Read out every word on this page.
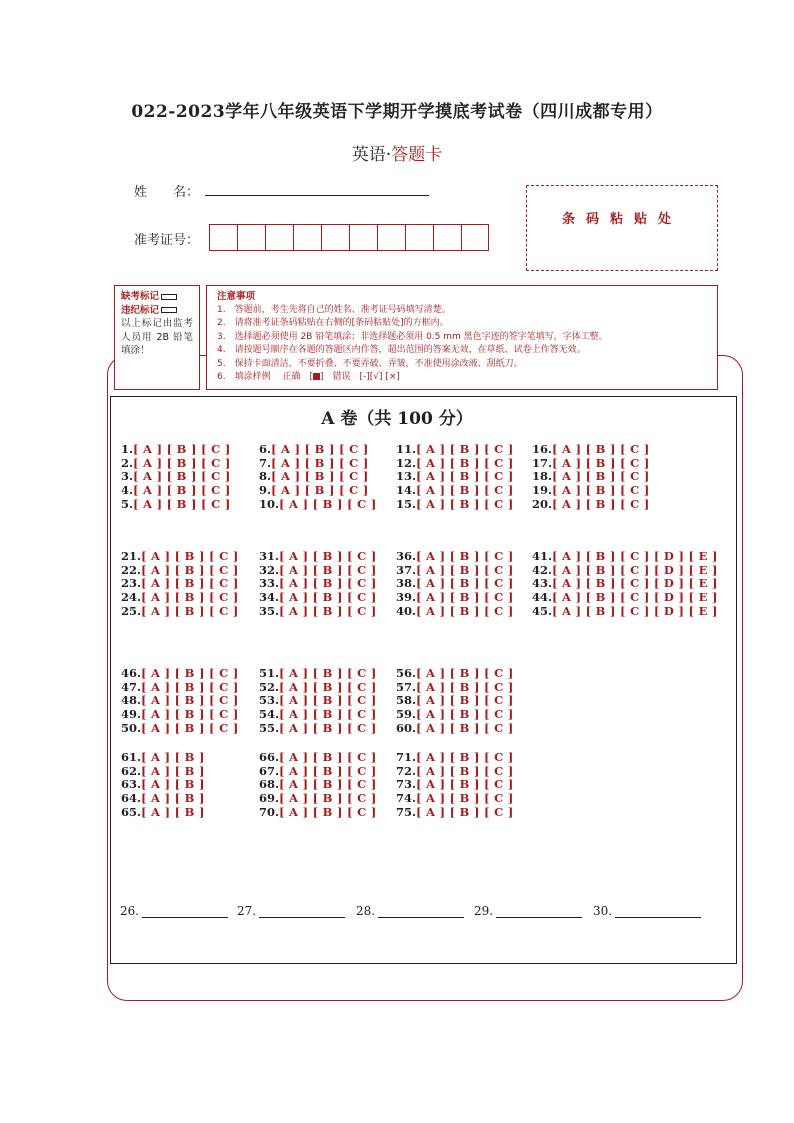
022-2023学年八年级英语下学期开学摸底考试卷（四川成都专用）
英语·答题卡
姓　　名：
准考证号：
条码粘贴处
缺考标记
违纪标记
以上标记由监考人员用 2B 铅笔填涂！
注意事项
1.　答题前，考生先将自己的姓名、准考证号码填写清楚。
2.　请将准考证条码粘贴在右侧的[条码粘贴处]的方框内。
3.　选择题必须使用 2B 铅笔填涂；非选择题必须用 0.5 mm 黑色字迹的签字笔填写，字体工整。
4.　请按题号顺序在各题的答题区内作答，超出范围的答案无效，在草纸、试卷上作答无效。
5.　保持卡面清洁，不要折叠、不要弄破、弄皱，不准使用涂改液、刮纸刀。
6.　填涂样例　 正确　[ ]　错误　[-][√] [×]
A 卷（共 100 分）
1.[ A ] [ B ] [ C ]
2.[ A ] [ B ] [ C ]
3.[ A ] [ B ] [ C ]
4.[ A ] [ B ] [ C ]
5.[ A ] [ B ] [ C ]
6.[ A ] [ B ] [ C ]
7.[ A ] [ B ] [ C ]
8.[ A ] [ B ] [ C ]
9.[ A ] [ B ] [ C ]
10.[ A ] [ B ] [ C ]
11.[ A ] [ B ] [ C ]
12.[ A ] [ B ] [ C ]
13.[ A ] [ B ] [ C ]
14.[ A ] [ B ] [ C ]
15.[ A ] [ B ] [ C ]
16.[ A ] [ B ] [ C ]
17.[ A ] [ B ] [ C ]
18.[ A ] [ B ] [ C ]
19.[ A ] [ B ] [ C ]
20.[ A ] [ B ] [ C ]
21.[ A ] [ B ] [ C ]
22.[ A ] [ B ] [ C ]
23.[ A ] [ B ] [ C ]
24.[ A ] [ B ] [ C ]
25.[ A ] [ B ] [ C ]
31.[ A ] [ B ] [ C ]
32.[ A ] [ B ] [ C ]
33.[ A ] [ B ] [ C ]
34.[ A ] [ B ] [ C ]
35.[ A ] [ B ] [ C ]
36.[ A ] [ B ] [ C ]
37.[ A ] [ B ] [ C ]
38.[ A ] [ B ] [ C ]
39.[ A ] [ B ] [ C ]
40.[ A ] [ B ] [ C ]
41.[ A ] [ B ] [ C ] [ D ] [ E ]
42.[ A ] [ B ] [ C ] [ D ] [ E ]
43.[ A ] [ B ] [ C ] [ D ] [ E ]
44.[ A ] [ B ] [ C ] [ D ] [ E ]
45.[ A ] [ B ] [ C ] [ D ] [ E ]
46.[ A ] [ B ] [ C ]
47.[ A ] [ B ] [ C ]
48.[ A ] [ B ] [ C ]
49.[ A ] [ B ] [ C ]
50.[ A ] [ B ] [ C ]
51.[ A ] [ B ] [ C ]
52.[ A ] [ B ] [ C ]
53.[ A ] [ B ] [ C ]
54.[ A ] [ B ] [ C ]
55.[ A ] [ B ] [ C ]
56.[ A ] [ B ] [ C ]
57.[ A ] [ B ] [ C ]
58.[ A ] [ B ] [ C ]
59.[ A ] [ B ] [ C ]
60.[ A ] [ B ] [ C ]
61.[ A ] [ B ]
62.[ A ] [ B ]
63.[ A ] [ B ]
64.[ A ] [ B ]
65.[ A ] [ B ]
66.[ A ] [ B ] [ C ]
67.[ A ] [ B ] [ C ]
68.[ A ] [ B ] [ C ]
69.[ A ] [ B ] [ C ]
70.[ A ] [ B ] [ C ]
71.[ A ] [ B ] [ C ]
72.[ A ] [ B ] [ C ]
73.[ A ] [ B ] [ C ]
74.[ A ] [ B ] [ C ]
75.[ A ] [ B ] [ C ]
26.	27.	28.	29.	30.
